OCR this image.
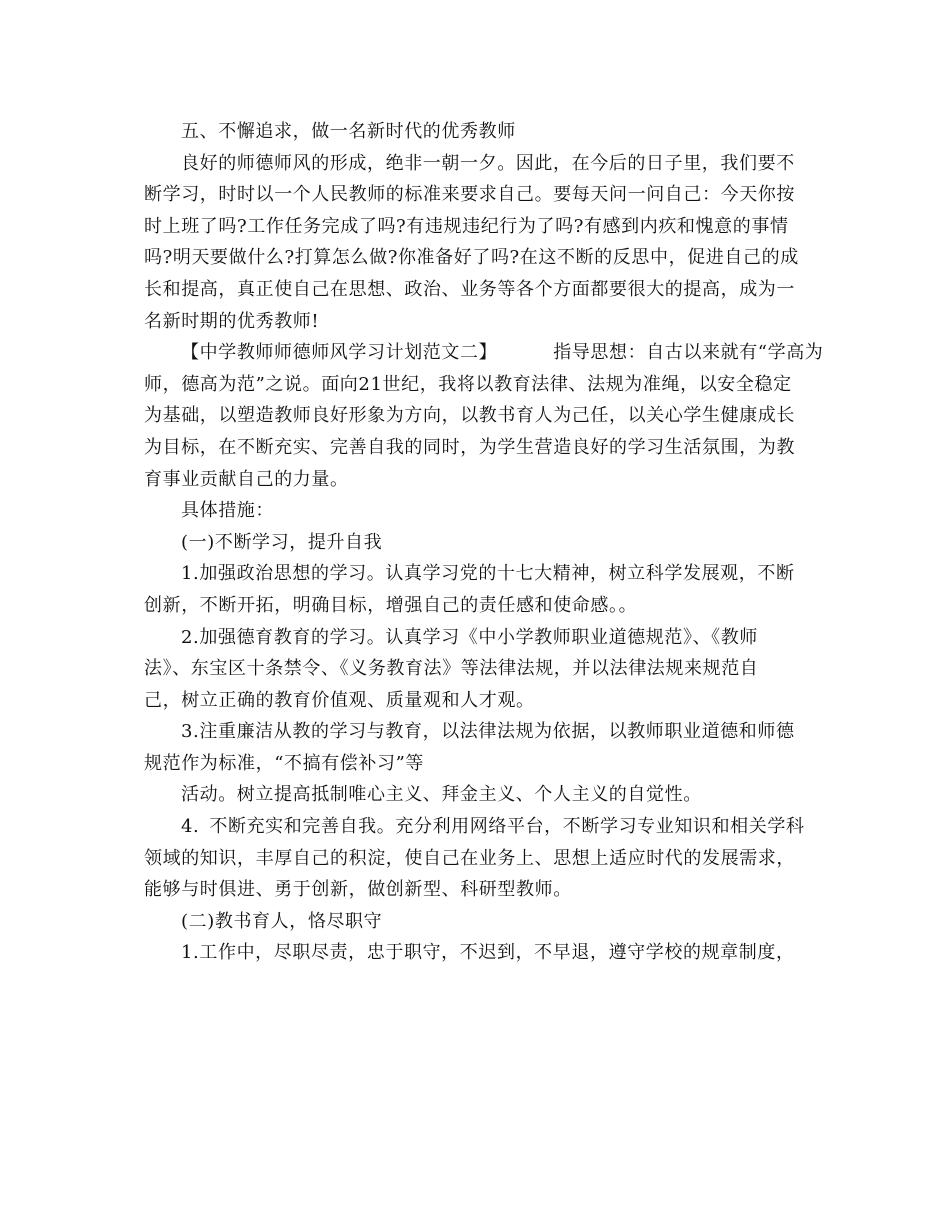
五、不懈追求，做一名新时代的优秀教师
良好的师德师风的形成，绝非一朝一夕。因此，在今后的日子里，我们要不
断学习，时时以一个人民教师的标准来要求自己。要每天问一问自己：今天你按
时上班了吗?工作任务完成了吗?有违规违纪行为了吗?有感到内疚和愧意的事情
吗?明天要做什么?打算怎么做?你准备好了吗?在这不断的反思中，促进自己的成
长和提高，真正使自己在思想、政治、业务等各个方面都要很大的提高，成为一
名新时期的优秀教师!
【中学教师师德师风学习计划范文二】	指导思想：自古以来就有“学高为
师，德高为范”之说。面向21世纪，我将以教育法律、法规为准绳，以安全稳定
为基础，以塑造教师良好形象为方向，以教书育人为己任，以关心学生健康成长
为目标，在不断充实、完善自我的同时，为学生营造良好的学习生活氛围，为教
育事业贡献自己的力量。
具体措施：
(一)不断学习，提升自我
1.加强政治思想的学习。认真学习党的十七大精神，树立科学发展观，不断
创新，不断开拓，明确目标，增强自己的责任感和使命感。。
2.加强德育教育的学习。认真学习《中小学教师职业道德规范》、《教师
法》、东宝区十条禁令、《义务教育法》等法律法规，并以法律法规来规范自
己，树立正确的教育价值观、质量观和人才观。
3.注重廉洁从教的学习与教育，以法律法规为依据，以教师职业道德和师德
规范作为标准，“不搞有偿补习”等
活动。树立提高抵制唯心主义、拜金主义、个人主义的自觉性。
4. 不断充实和完善自我。充分利用网络平台，不断学习专业知识和相关学科
领域的知识，丰厚自己的积淀，使自己在业务上、思想上适应时代的发展需求，
能够与时俱进、勇于创新，做创新型、科研型教师。
(二)教书育人，恪尽职守
1.工作中，尽职尽责，忠于职守，不迟到，不早退，遵守学校的规章制度，
